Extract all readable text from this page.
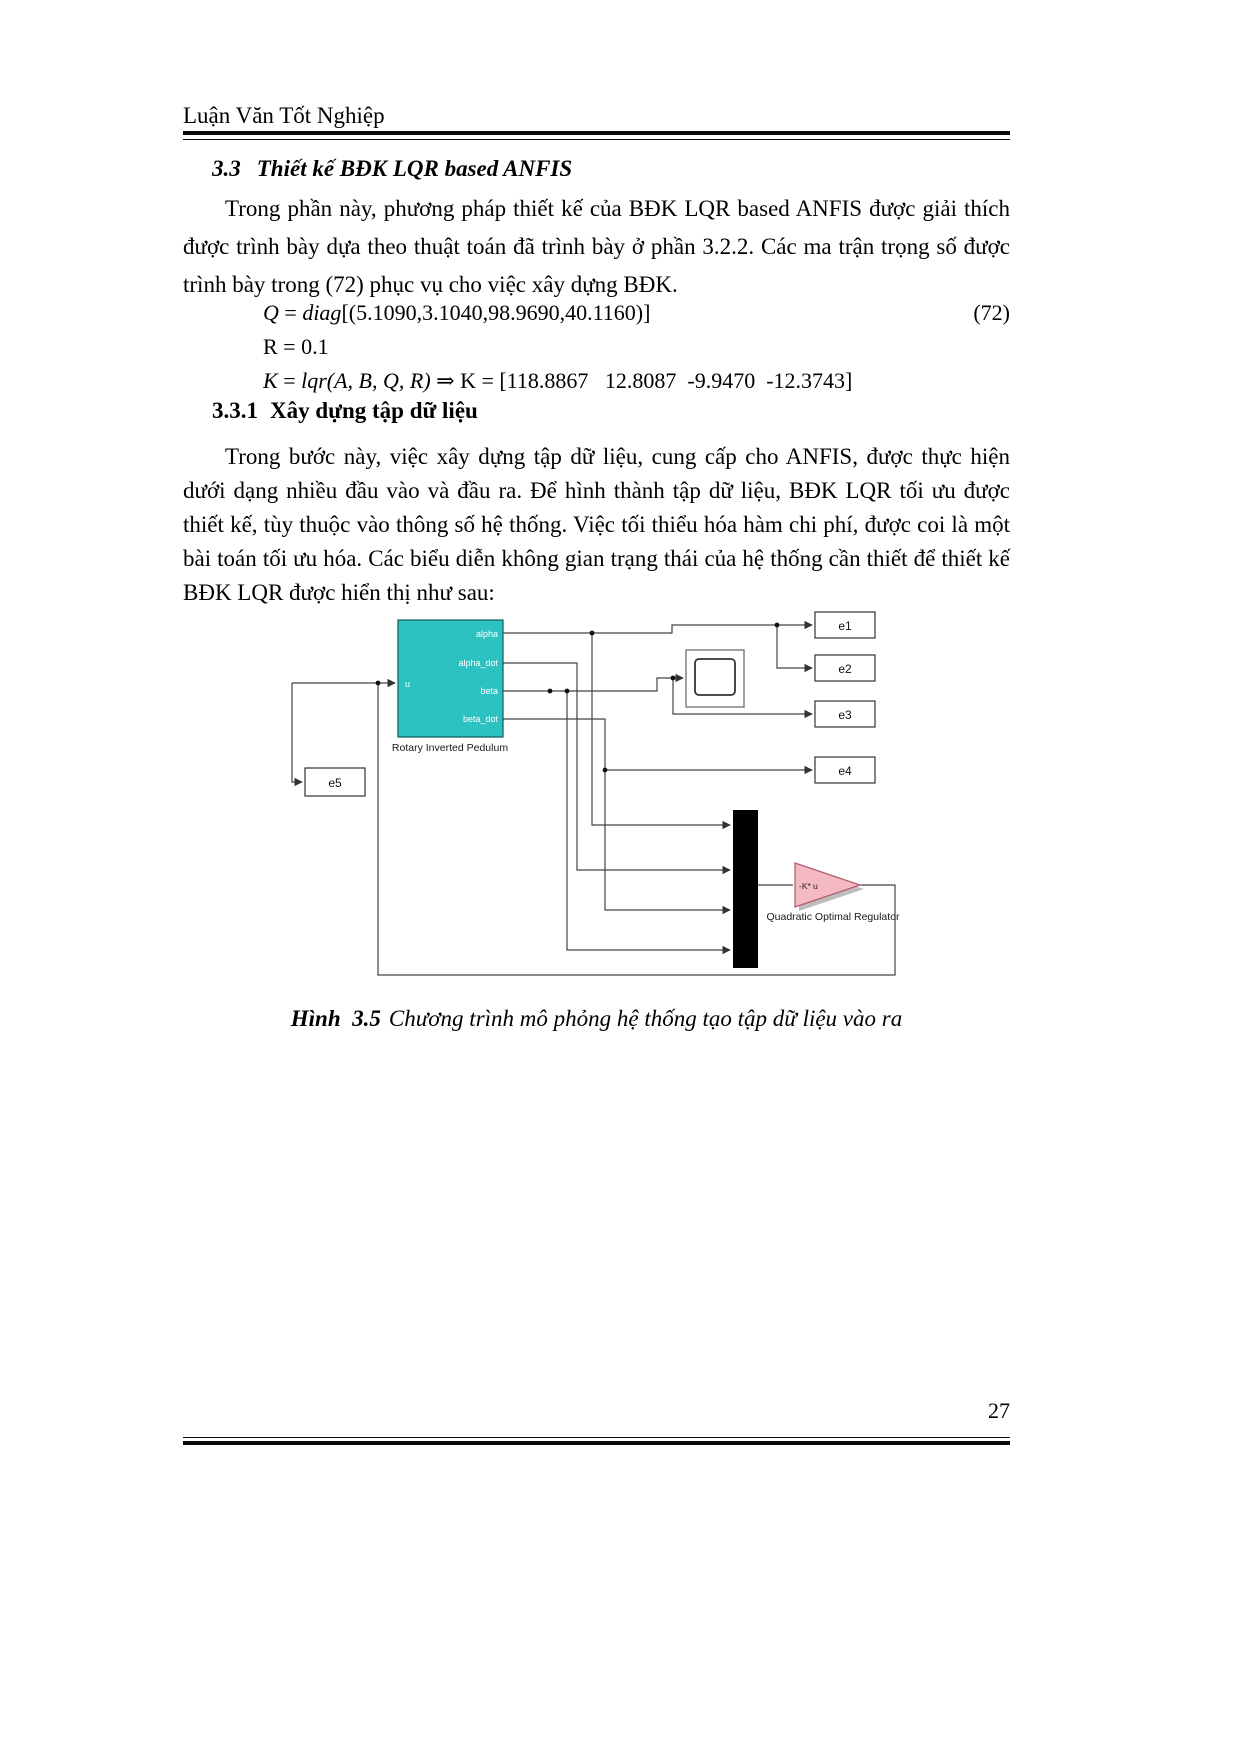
Luận Văn Tốt Nghiệp
3.3 Thiết kế BĐK LQR based ANFIS

Trong phần này, phương pháp thiết kế của BĐK LQR based ANFIS được giải thích được trình bày dựa theo thuật toán đã trình bày ở phần 3.2.2. Các ma trận trọng số được trình bày trong (72) phục vụ cho việc xây dựng BĐK.

Q = diag [(5.1090,3.1040,98.9690,40.1160)]	(72)
R = 0.1
K = lqr (A, B, Q, R) ⇒ K = [118.8867   12.8087  -9.9470  -12.3743]
3.3.1 Xây dựng tập dữ liệu

Trong bước này, việc xây dựng tập dữ liệu, cung cấp cho ANFIS, được thực hiện dưới dạng nhiều đầu vào và đầu ra. Để hình thành tập dữ liệu, BĐK LQR tối ưu được thiết kế, tùy thuộc vào thông số hệ thống. Việc tối thiểu hóa hàm chi phí, được coi là một bài toán tối ưu hóa. Các biểu diễn không gian trạng thái của hệ thống cần thiết để thiết kế BĐK LQR được hiển thị như sau:

u
alpha
alpha_dot
beta
beta_dot
Rotary Inverted Pedulum
e5
e1
e2
e3
e4
-K* u
Quadratic Optimal Regulator
Hình  3.5 Chương trình mô phỏng hệ thống tạo tập dữ liệu vào ra
27
